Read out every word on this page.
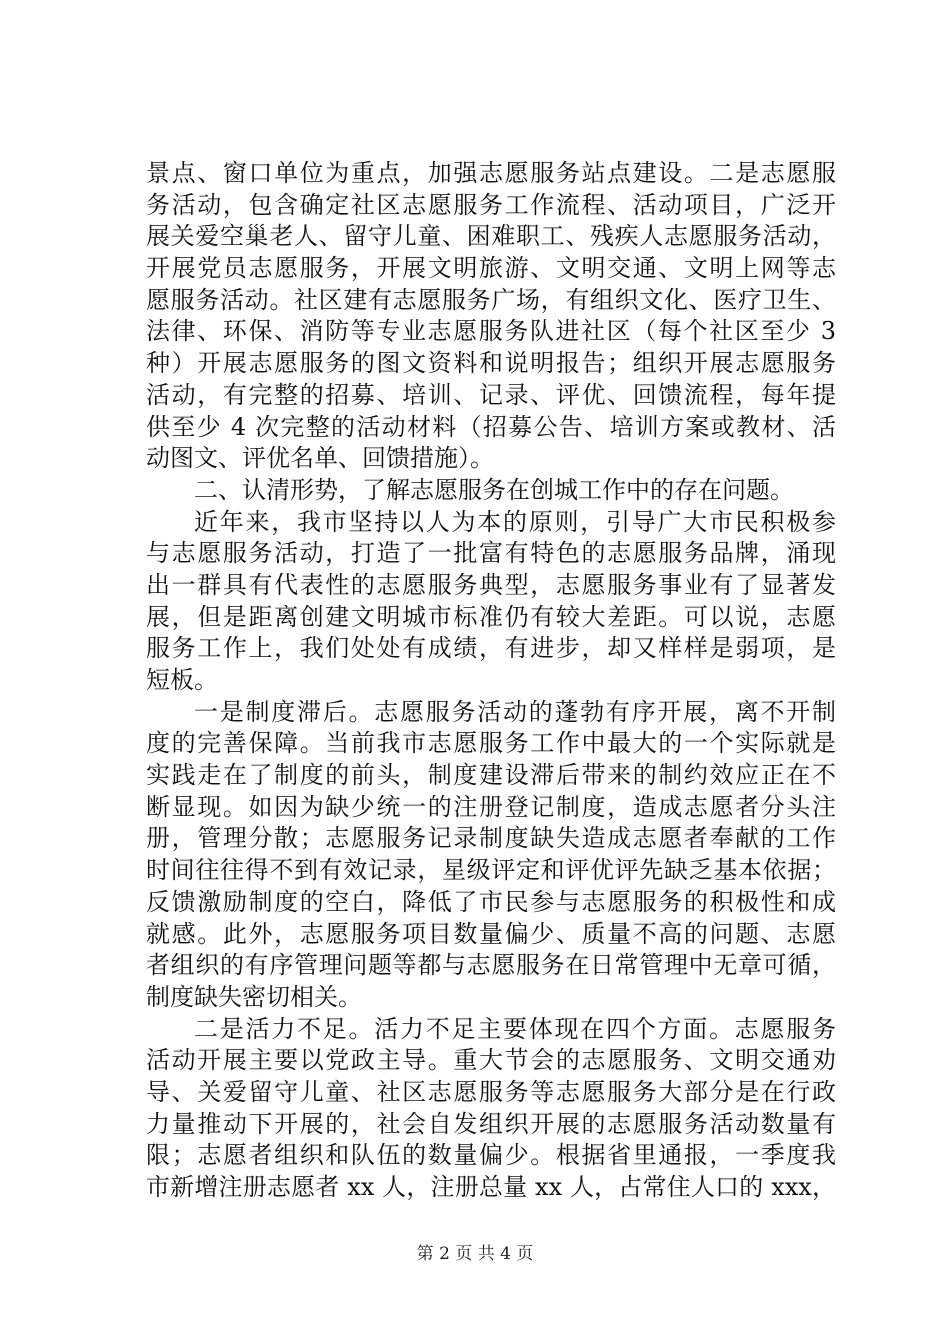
景点、窗口单位为重点，加强志愿服务站点建设。二是志愿服
务活动，包含确定社区志愿服务工作流程、活动项目，广泛开
展关爱空巢老人、留守儿童、困难职工、残疾人志愿服务活动，
开展党员志愿服务，开展文明旅游、文明交通、文明上网等志
愿服务活动。社区建有志愿服务广场，有组织文化、医疗卫生、
法律、环保、消防等专业志愿服务队进社区（每个社区至少 3
种）开展志愿服务的图文资料和说明报告；组织开展志愿服务
活动，有完整的招募、培训、记录、评优、回馈流程，每年提
供至少 4 次完整的活动材料（招募公告、培训方案或教材、活
动图文、评优名单、回馈措施）。
二、认清形势，了解志愿服务在创城工作中的存在问题。
近年来，我市坚持以人为本的原则，引导广大市民积极参
与志愿服务活动，打造了一批富有特色的志愿服务品牌，涌现
出一群具有代表性的志愿服务典型，志愿服务事业有了显著发
展，但是距离创建文明城市标准仍有较大差距。可以说，志愿
服务工作上，我们处处有成绩，有进步，却又样样是弱项，是
短板。
一是制度滞后。志愿服务活动的蓬勃有序开展，离不开制
度的完善保障。当前我市志愿服务工作中最大的一个实际就是
实践走在了制度的前头，制度建设滞后带来的制约效应正在不
断显现。如因为缺少统一的注册登记制度，造成志愿者分头注
册，管理分散；志愿服务记录制度缺失造成志愿者奉献的工作
时间往往得不到有效记录，星级评定和评优评先缺乏基本依据；
反馈激励制度的空白，降低了市民参与志愿服务的积极性和成
就感。此外，志愿服务项目数量偏少、质量不高的问题、志愿
者组织的有序管理问题等都与志愿服务在日常管理中无章可循，
制度缺失密切相关。
二是活力不足。活力不足主要体现在四个方面。志愿服务
活动开展主要以党政主导。重大节会的志愿服务、文明交通劝
导、关爱留守儿童、社区志愿服务等志愿服务大部分是在行政
力量推动下开展的，社会自发组织开展的志愿服务活动数量有
限；志愿者组织和队伍的数量偏少。根据省里通报，一季度我
市新增注册志愿者 xx 人，注册总量 xx 人，占常住人口的 xxx，
第 2 页 共 4 页
